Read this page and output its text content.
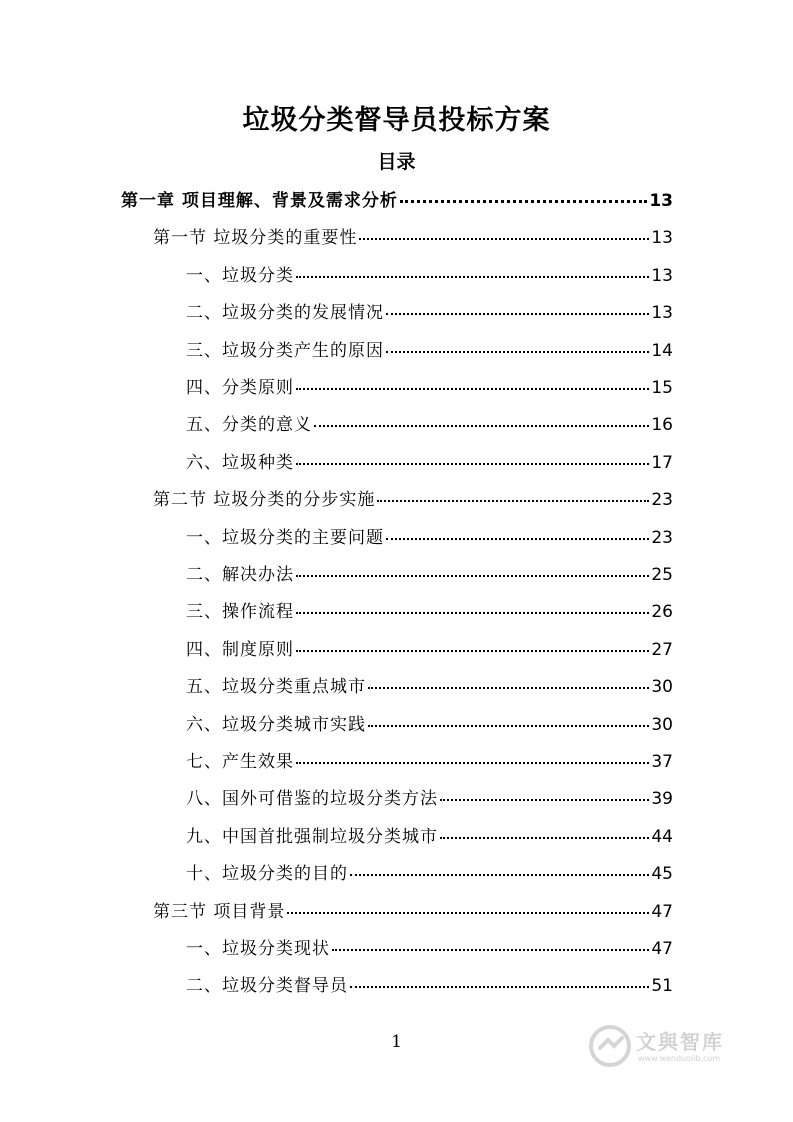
垃圾分类督导员投标方案
目录
第一章 项目理解、背景及需求分析	13
第一节 垃圾分类的重要性	13
一、垃圾分类	13
二、垃圾分类的发展情况	13
三、垃圾分类产生的原因	14
四、分类原则	15
五、分类的意义	16
六、垃圾种类	17
第二节 垃圾分类的分步实施	23
一、垃圾分类的主要问题	23
二、解决办法	25
三、操作流程	26
四、制度原则	27
五、垃圾分类重点城市	30
六、垃圾分类城市实践	30
七、产生效果	37
八、国外可借鉴的垃圾分类方法	39
九、中国首批强制垃圾分类城市	44
十、垃圾分类的目的	45
第三节 项目背景	47
一、垃圾分类现状	47
二、垃圾分类督导员	51
1	文與智库
www.wenduolib.com
